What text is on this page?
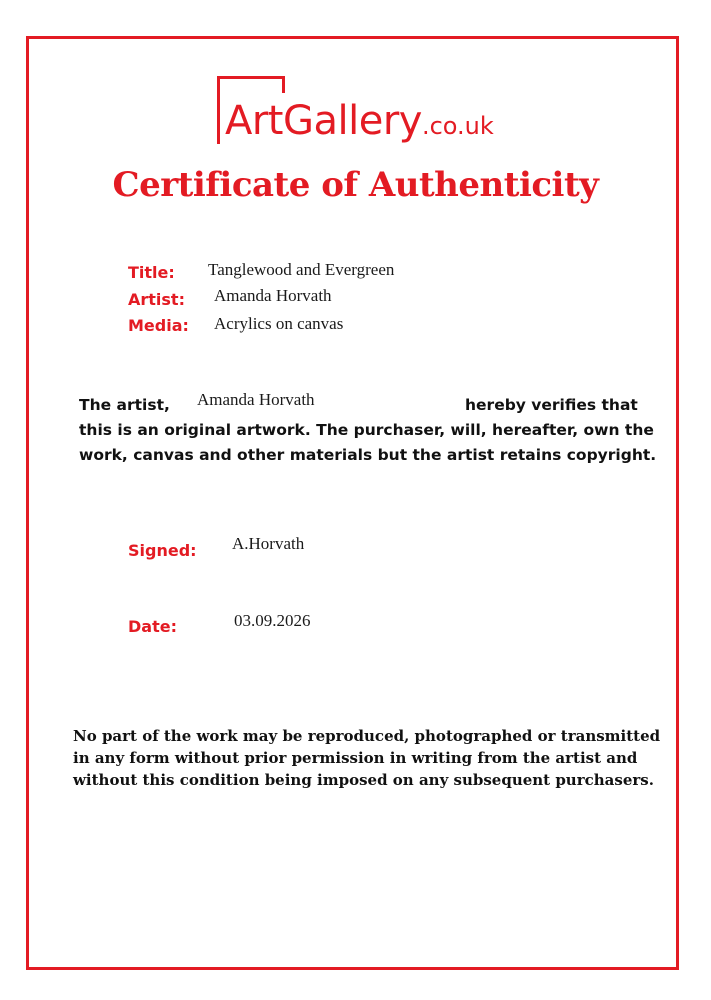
ArtGallery.co.uk
Certificate of Authenticity
Title: Tanglewood and Evergreen
Artist: Amanda Horvath
Media: Acrylics on canvas
The artist, Amanda Horvath	hereby verifies that
this is an original artwork. The purchaser, will, hereafter, own the
work, canvas and other materials but the artist retains copyright.
Signed: A.Horvath
Date:	03.09.2026
No part of the work may be reproduced, photographed or transmitted
in any form without prior permission in writing from the artist and
without this condition being imposed on any subsequent purchasers.
